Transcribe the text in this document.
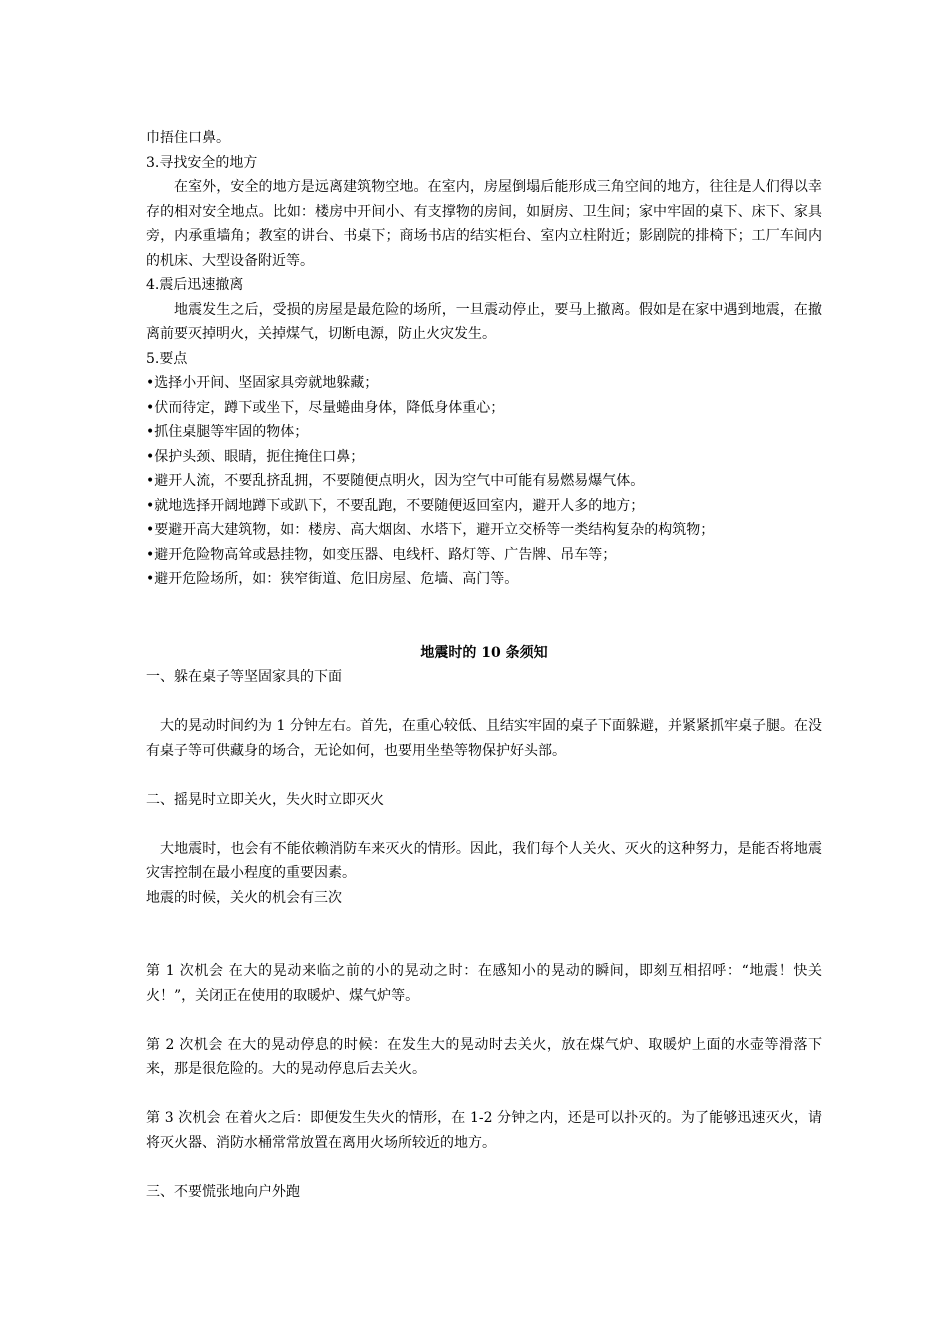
巾捂住口鼻。

3.寻找安全的地方

在室外，安全的地方是远离建筑物空地。在室内，房屋倒塌后能形成三角空间的地方，往往是人们得以幸存的相对安全地点。比如：楼房中开间小、有支撑物的房间，如厨房、卫生间；家中牢固的桌下、床下、家具旁，内承重墙角；教室的讲台、书桌下；商场书店的结实柜台、室内立柱附近；影剧院的排椅下；工厂车间内的机床、大型设备附近等。

4.震后迅速撤离

地震发生之后，受损的房屋是最危险的场所，一旦震动停止，要马上撤离。假如是在家中遇到地震，在撤离前要灭掉明火，关掉煤气，切断电源，防止火灾发生。

5.要点

•选择小开间、坚固家具旁就地躲藏；

•伏而待定，蹲下或坐下，尽量蜷曲身体，降低身体重心；

•抓住桌腿等牢固的物体；

•保护头颈、眼睛，扼住掩住口鼻；

•避开人流，不要乱挤乱拥，不要随便点明火，因为空气中可能有易燃易爆气体。

•就地选择开阔地蹲下或趴下，不要乱跑，不要随便返回室内，避开人多的地方；

•要避开高大建筑物，如：楼房、高大烟囱、水塔下，避开立交桥等一类结构复杂的构筑物；

•避开危险物高耸或悬挂物，如变压器、电线杆、路灯等、广告牌、吊车等；

•避开危险场所，如：狭窄街道、危旧房屋、危墙、高门等。

地震时的 10 条须知

一、躲在桌子等坚固家具的下面

大的晃动时间约为 1 分钟左右。首先，在重心较低、且结实牢固的桌子下面躲避，并紧紧抓牢桌子腿。在没有桌子等可供藏身的场合，无论如何，也要用坐垫等物保护好头部。

二、摇晃时立即关火，失火时立即灭火

大地震时，也会有不能依赖消防车来灭火的情形。因此，我们每个人关火、灭火的这种努力，是能否将地震灾害控制在最小程度的重要因素。

地震的时候，关火的机会有三次

第 1 次机会 在大的晃动来临之前的小的晃动之时：在感知小的晃动的瞬间，即刻互相招呼：“地震！快关火！”，关闭正在使用的取暖炉、煤气炉等。

第 2 次机会 在大的晃动停息的时候：在发生大的晃动时去关火，放在煤气炉、取暖炉上面的水壶等滑落下来，那是很危险的。大的晃动停息后去关火。

第 3 次机会 在着火之后：即便发生失火的情形，在 1-2 分钟之内，还是可以扑灭的。为了能够迅速灭火，请将灭火器、消防水桶常常放置在离用火场所较近的地方。

三、不要慌张地向户外跑
